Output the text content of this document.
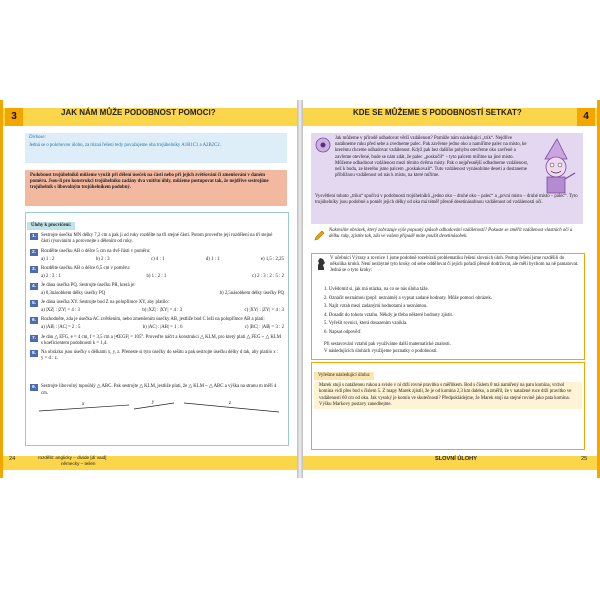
3	JAK NÁM MŮŽE PODOBNOST POMOCI?
Dickose:
Jedná se o polohovou úlohu, za různá řešení tedy považujeme oba trojúhelníky A1B1C1 a A2B2C2.
Podobnost trojúhelníků můžeme využít při dělení úseček na části nebo při jejich zvětšování či zmenšování v daném poměru. Jsou-li pro konstrukci trojúhelníku zadány dva vnitřní úhly, můžeme postupovat tak, že nejdříve sestrojíme trojúhelník s libovolným trojúhelníkem podobný.
Úlohy k procvičení:
1. Sestrojte úsečku MN délky 7,2 cm a pak ji od ruky rozdělte na tři stejné části. Potom proveďte její rozdělení na tři stejné části rýsováním a porovnejte s dělením od ruky.
2. Rozdělte úsečku AB o délce 5 cm na dvě části v poměru:
a) 1 : 2	b) 2 : 3	c) 4 : 1	d) 1 : 1	e) 1,5 : 2,25
3. Rozdělte úsečku AB o délce 6,5 cm v poměru:
a) 2 : 3 : 1	b) 1 : 2 : 1	c) 2 : 3 : 2 : 5 : 2
4. Je dána úsečka PQ. Sestrojte úsečku PR, která je:
a) 0,3násobkem délky úsečky PQ	b) 2,5násobkem délky úsečky PQ
5. Je dána úsečka XY. Sestrojte bod Z na polopřímce XY, aby platilo:
a) |XZ| : |ZY| = 4 : 3	b) |XZ| : |XY| = 4 : 3	c) |XY| : |ZY| = 4 : 3
6. Rozhodněte, zda je úsečka AC zvětšením, nebo zmenšením úsečky AB, jestliže bod C leží na polopřímce AB a platí:
a) |AB| : |AC| = 2 : 5	b) |AC| : |AB| = 1 : 6	c) |BC| : |AB| = 3 : 2
7. Je dán △ EFG, e = 4 cm, f = 3,5 cm a |∢EGF| = 105°. Proveďte náčrt a konstrukci △ KLM, pro který platí △ FEG ~ △ KLM s koeficientem podobnosti k = 1,4.
8. Na obrázku jsou úsečky s délkami x, y, z. Přeneste si tyto úsečky do sešitu a pak sestrojte úsečku délky d tak, aby platilo x : y = d : z.
9. Sestrojte libovolný tupoúhlý △ ABC. Pak sestrojte △ KLM, jestliže platí, že △ KLM ~ △ ABC a výška na stranu m měří 4 cm.
x	y	z
24	rozdělit: anglicky – divide [di´vaid]
německy – teilen
KDE SE MŮŽEME S PODOBNOSTÍ SETKAT?	4
Jak můžeme v přírodě odhadovat větší vzdálenost? Pomůže nám následující „trik“. Nejdříve natáhneme ruku před sebe a zvedneme palec. Pak zavřeme jedno oko a namíříme palec na místo, ke kterému chceme odhadovat vzdálenost. Když pak bez dalšího pohybu otevřeme oko zavřené a zavřeme otevřené, bude se nám zdát, že palec „poskočil“ – tyto palcem mířime na jiné místo. Můžeme odhadnout vzdálenost mezi těmito dvěma místy. Pak o nejpřesnější odhadneme vzdálenost, než k bodu, ze kterého jsme palcem „poskakovali“. Tuto vzdálenost vynásobíme deseti a dostaneme přibližnou vzdálenost od nás k místu, na které míříme.
Vysvětlení tohoto „triku“ spočívá v podobnosti trojúhelníků „jedno oko – druhé oko – palec“ a „první místo – druhé místo – palec“. Tyto trojúhelníky jsou podobné a poměr jejich délky od oka má téměř přesně desetinásobnou vzdálenost od vzdálenosti očí.
Nakreslíte obrázek, který zobrazuje výše popsaný způsob odhadování vzdálenosti? Pokuste se změřit vzdálenost vlastních očí a délku ruky, zjistíte tak, zda ve vašem případě máte použít desetinásobek.
V učebnici Výrazy a rovnice 1 jsme podobně rozebírali problematiku řešení slovních úloh. Postup řešení jsme rozdělili do několika kroků. Není nezbytné tyto kroky od sebe oddělovat či jejich pořadí přesně dodržovat, ale měli bychom na ně pamatovat. Jedná se o tyto kroky:
1. Uvědomit si, jak má otázka, na co se nás úloha táže.
2. Označit neznámou (popř. neznámé) a vypsat zadané hodnoty. Může pomoci obrázek.
3. Najít vztah mezi zadanými hodnotami a neznámou.
4. Dosadit do tohoto vztahu. Někdy je třeba některé hodnoty zjistit.
5. Vyřešit rovnici, která dosazením vznikla.
6. Napsat odpověď.
Při sestavování vztahů pak využíváme další matematické znalosti.
V následujících úlohách využijeme poznatky o podobnosti.
Vyřešme následující úlohu:
Marek stojí s natáženou rukou a svisle v ní drží rovné pravítko s měřítkem. Bod s číslem 0 má namířený na patu komína, vrchol komína vidí přes bod s číslem 5. Z mapy Marek zjistil, že je od komína 2,3 km daleko, a změřil, že v natažené ruce drží pravítko ve vzdálenosti 60 cm od oka. Jak vysoký je komín ve skutečnosti? Předpokládejme, že Marek stojí na stejné rovině jako pata komína. Výšku Markovy postavy zanedbejme.
SLOVNÍ ÚLOHY	25
